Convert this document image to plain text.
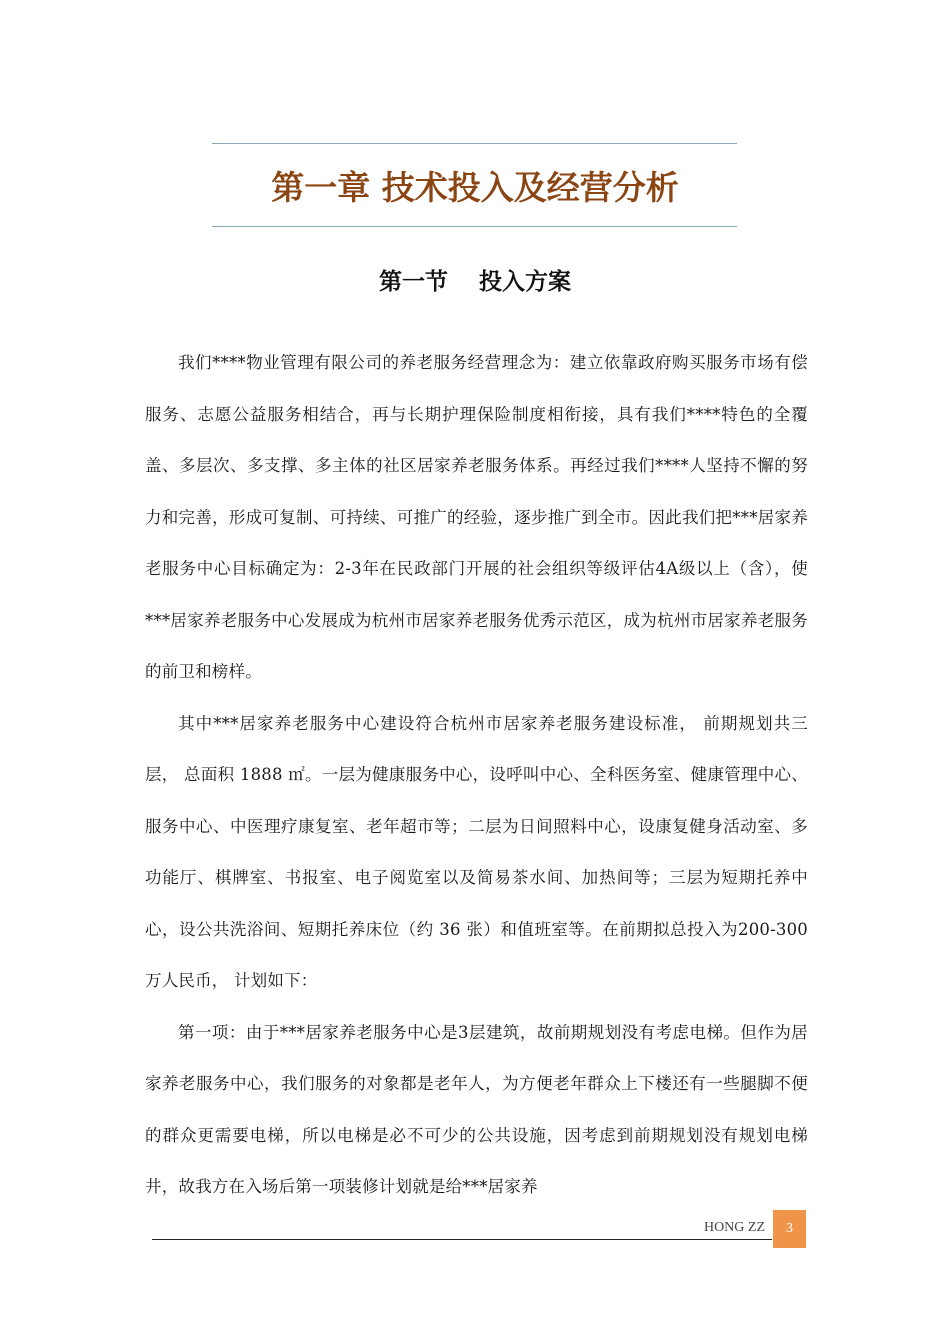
第一章 技术投入及经营分析
第一节　 投入方案

我们****物业管理有限公司的养老服务经营理念为：建立依靠政府购买服务市场有偿服务、志愿公益服务相结合，再与长期护理保险制度相衔接，具有我们****特色的全覆盖、多层次、多支撑、多主体的社区居家养老服务体系。再经过我们****人坚持不懈的努力和完善，形成可复制、可持续、可推广的经验，逐步推广到全市。因此我们把***居家养老服务中心目标确定为：2-3年在民政部门开展的社会组织等级评估4A级以上（含），使***居家养老服务中心发展成为杭州市居家养老服务优秀示范区，成为杭州市居家养老服务的前卫和榜样。

其中***居家养老服务中心建设符合杭州市居家养老服务建设标准， 前期规划共三层， 总面积 1888 ㎡。一层为健康服务中心，设呼叫中心、全科医务室、健康管理中心、服务中心、中医理疗康复室、老年超市等；二层为日间照料中心，设康复健身活动室、多功能厅、棋牌室、书报室、电子阅览室以及简易茶水间、加热间等；三层为短期托养中心，设公共洗浴间、短期托养床位（约 36 张）和值班室等。在前期拟总投入为200-300万人民币， 计划如下：

第一项：由于***居家养老服务中心是3层建筑，故前期规划没有考虑电梯。但作为居家养老服务中心，我们服务的对象都是老年人，为方便老年群众上下楼还有一些腿脚不便的群众更需要电梯，所以电梯是必不可少的公共设施，因考虑到前期规划没有规划电梯井，故我方在入场后第一项装修计划就是给***居家养

HONG ZZ 3
